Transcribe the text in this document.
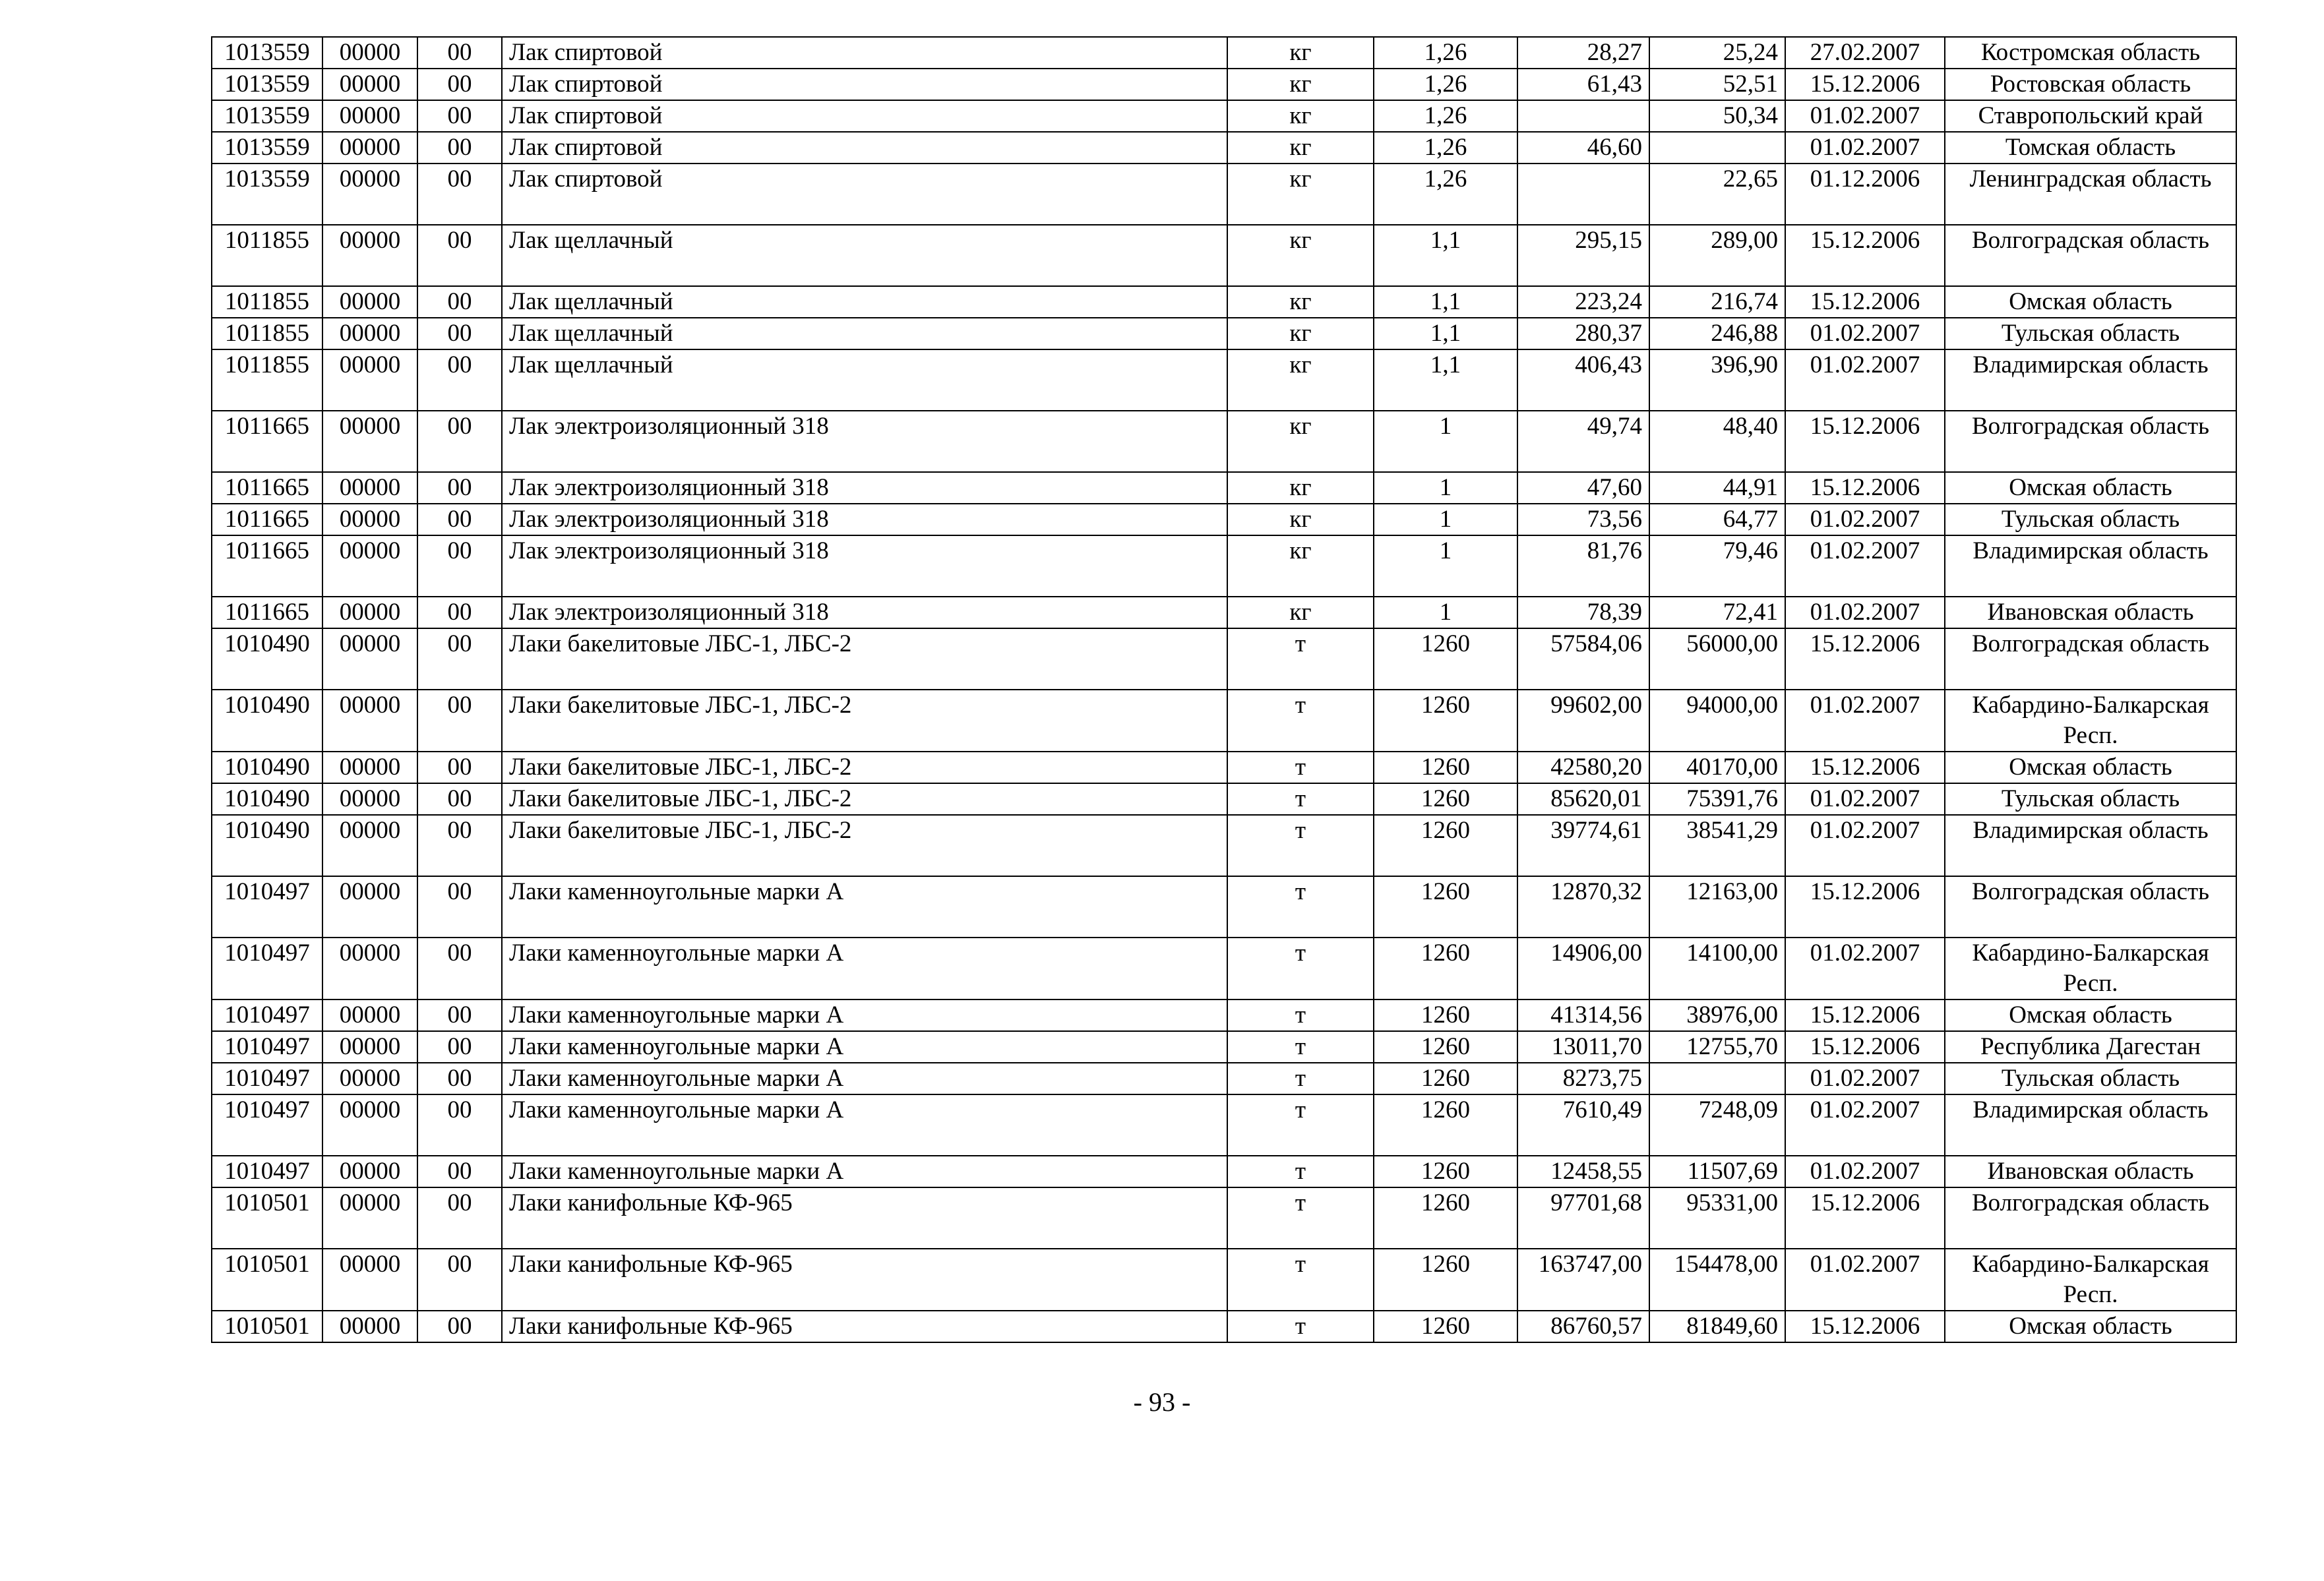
1013559	00000	00	Лак спиртовой	кг	1,26	28,27	25,24	27.02.2007	Костромская область
1013559	00000	00	Лак спиртовой	кг	1,26	61,43	52,51	15.12.2006	Ростовская область
1013559	00000	00	Лак спиртовой	кг	1,26		50,34	01.02.2007	Ставропольский край
1013559	00000	00	Лак спиртовой	кг	1,26	46,60		01.02.2007	Томская область
1013559	00000	00	Лак спиртовой	кг	1,26		22,65	01.12.2006	Ленинградская область
1011855	00000	00	Лак щеллачный	кг	1,1	295,15	289,00	15.12.2006	Волгоградская область
1011855	00000	00	Лак щеллачный	кг	1,1	223,24	216,74	15.12.2006	Омская область
1011855	00000	00	Лак щеллачный	кг	1,1	280,37	246,88	01.02.2007	Тульская область
1011855	00000	00	Лак щеллачный	кг	1,1	406,43	396,90	01.02.2007	Владимирская область
1011665	00000	00	Лак электроизоляционный 318	кг	1	49,74	48,40	15.12.2006	Волгоградская область
1011665	00000	00	Лак электроизоляционный 318	кг	1	47,60	44,91	15.12.2006	Омская область
1011665	00000	00	Лак электроизоляционный 318	кг	1	73,56	64,77	01.02.2007	Тульская область
1011665	00000	00	Лак электроизоляционный 318	кг	1	81,76	79,46	01.02.2007	Владимирская область
1011665	00000	00	Лак электроизоляционный 318	кг	1	78,39	72,41	01.02.2007	Ивановская область
1010490	00000	00	Лаки бакелитовые ЛБС-1, ЛБС-2	т	1260	57584,06	56000,00	15.12.2006	Волгоградская область
1010490	00000	00	Лаки бакелитовые ЛБС-1, ЛБС-2	т	1260	99602,00	94000,00	01.02.2007	Кабардино-Балкарская Респ.
1010490	00000	00	Лаки бакелитовые ЛБС-1, ЛБС-2	т	1260	42580,20	40170,00	15.12.2006	Омская область
1010490	00000	00	Лаки бакелитовые ЛБС-1, ЛБС-2	т	1260	85620,01	75391,76	01.02.2007	Тульская область
1010490	00000	00	Лаки бакелитовые ЛБС-1, ЛБС-2	т	1260	39774,61	38541,29	01.02.2007	Владимирская область
1010497	00000	00	Лаки каменноугольные марки А	т	1260	12870,32	12163,00	15.12.2006	Волгоградская область
1010497	00000	00	Лаки каменноугольные марки А	т	1260	14906,00	14100,00	01.02.2007	Кабардино-Балкарская Респ.
1010497	00000	00	Лаки каменноугольные марки А	т	1260	41314,56	38976,00	15.12.2006	Омская область
1010497	00000	00	Лаки каменноугольные марки А	т	1260	13011,70	12755,70	15.12.2006	Республика Дагестан
1010497	00000	00	Лаки каменноугольные марки А	т	1260	8273,75		01.02.2007	Тульская область
1010497	00000	00	Лаки каменноугольные марки А	т	1260	7610,49	7248,09	01.02.2007	Владимирская область
1010497	00000	00	Лаки каменноугольные марки А	т	1260	12458,55	11507,69	01.02.2007	Ивановская область
1010501	00000	00	Лаки канифольные КФ-965	т	1260	97701,68	95331,00	15.12.2006	Волгоградская область
1010501	00000	00	Лаки канифольные КФ-965	т	1260	163747,00	154478,00	01.02.2007	Кабардино-Балкарская Респ.
1010501	00000	00	Лаки канифольные КФ-965	т	1260	86760,57	81849,60	15.12.2006	Омская область
- 93 -
